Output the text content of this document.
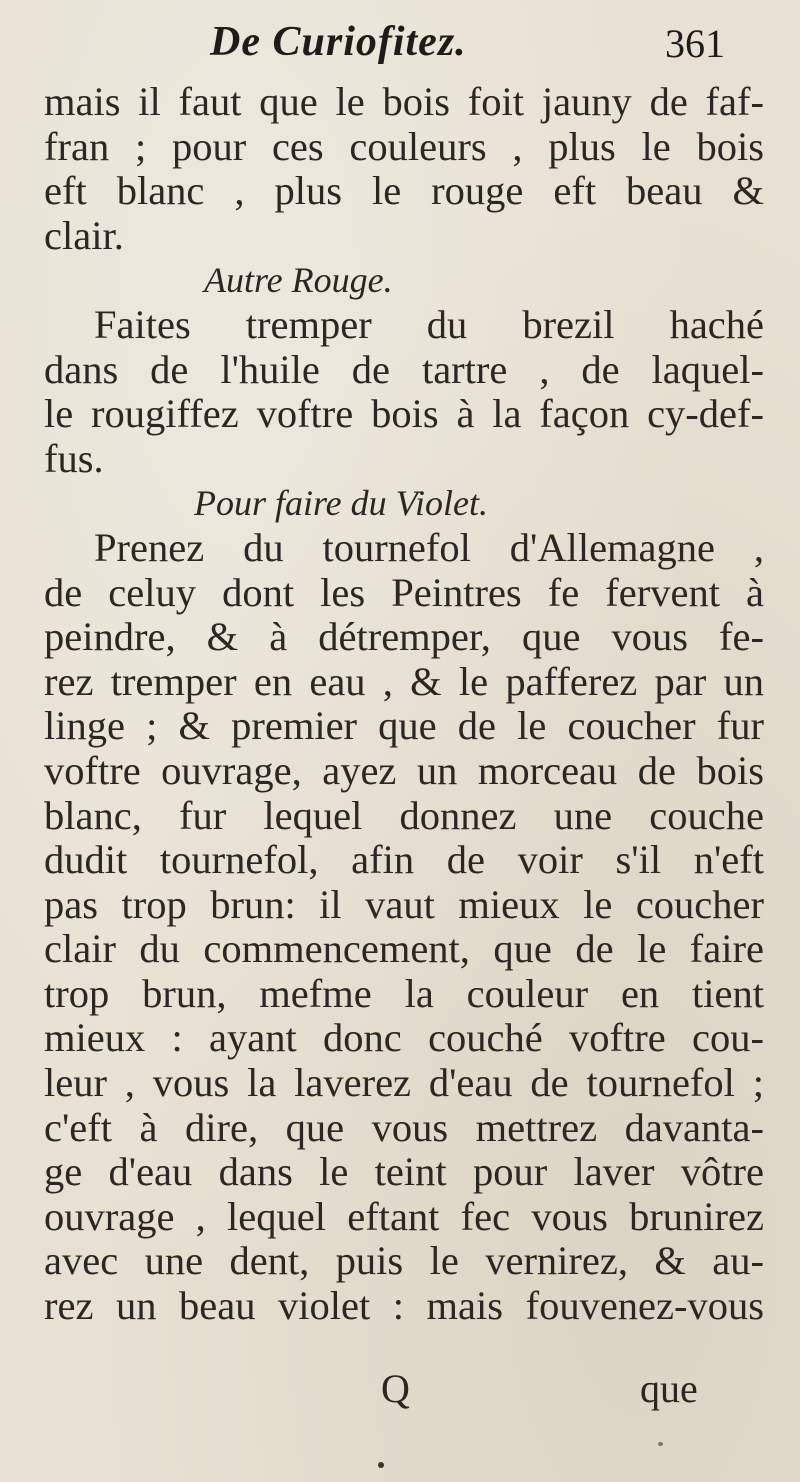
De Curiofitez.	361
mais il faut que le bois foit jauny de faf-
fran ; pour ces couleurs , plus le bois
eft blanc , plus le rouge eft beau &
clair.
Autre Rouge.
Faites tremper du brezil haché
dans de l'huile de tartre , de laquel-
le rougiffez voftre bois à la façon cy-def-
fus.
Pour faire du Violet.
Prenez du tournefol d'Allemagne ,
de celuy dont les Peintres fe fervent à
peindre, & à détremper, que vous fe-
rez tremper en eau , & le pafferez par un
linge ; & premier que de le coucher fur
voftre ouvrage, ayez un morceau de bois
blanc, fur lequel donnez une couche
dudit tournefol, afin de voir s'il n'eft
pas trop brun: il vaut mieux le coucher
clair du commencement, que de le faire
trop brun, mefme la couleur en tient
mieux : ayant donc couché voftre cou-
leur , vous la laverez d'eau de tournefol ;
c'eft à dire, que vous mettrez davanta-
ge d'eau dans le teint pour laver vôtre
ouvrage , lequel eftant fec vous brunirez
avec une dent, puis le vernirez, & au-
rez un beau violet : mais fouvenez-vous
Q	que
